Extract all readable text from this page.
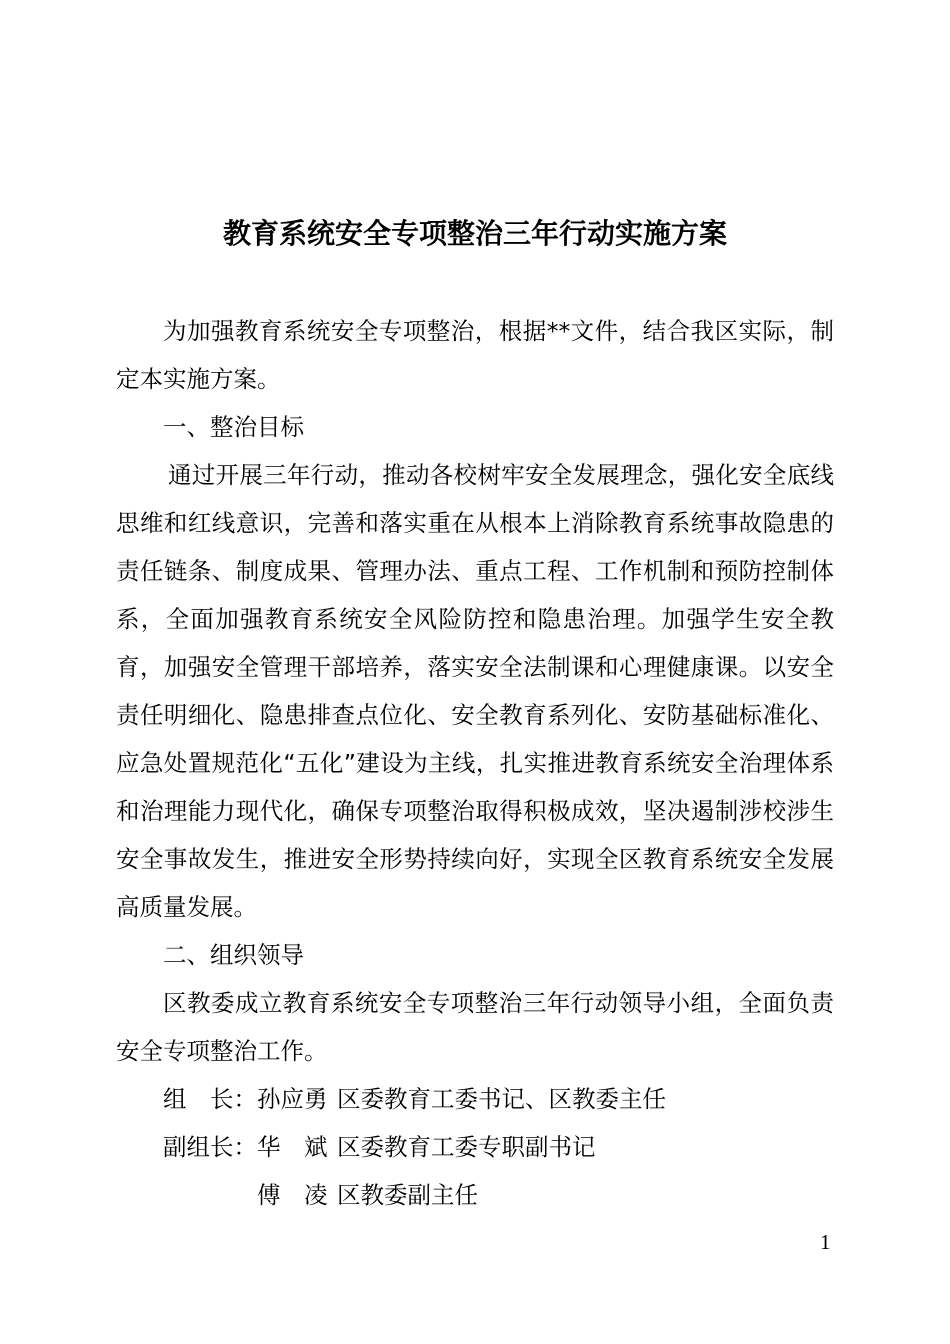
教育系统安全专项整治三年行动实施方案

为加强教育系统安全专项整治，根据**文件，结合我区实际，制定本实施方案。

一、整治目标

通过开展三年行动，推动各校树牢安全发展理念，强化安全底线思维和红线意识，完善和落实重在从根本上消除教育系统事故隐患的责任链条、制度成果、管理办法、重点工程、工作机制和预防控制体系，全面加强教育系统安全风险防控和隐患治理。加强学生安全教育，加强安全管理干部培养，落实安全法制课和心理健康课。以安全责任明细化、隐患排查点位化、安全教育系列化、安防基础标准化、应急处置规范化“五化”建设为主线，扎实推进教育系统安全治理体系和治理能力现代化，确保专项整治取得积极成效，坚决遏制涉校涉生安全事故发生，推进安全形势持续向好，实现全区教育系统安全发展高质量发展。

二、组织领导

区教委成立教育系统安全专项整治三年行动领导小组，全面负责安全专项整治工作。

组　长：孙应勇 区委教育工委书记、区教委主任
副组长：华　斌 区委教育工委专职副书记
傅　凌 区教委副主任
1
